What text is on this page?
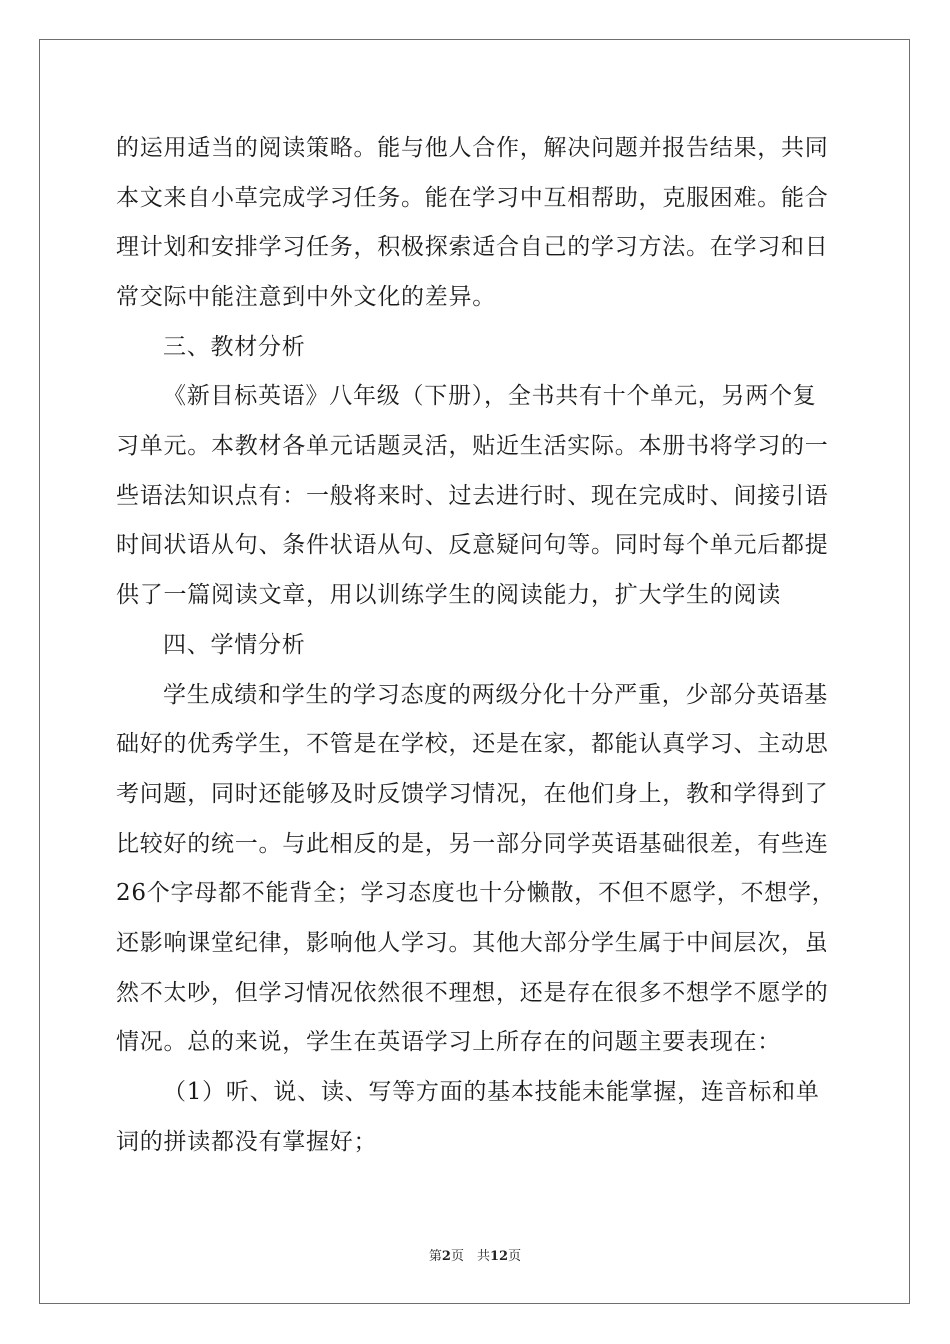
的运用适当的阅读策略。能与他人合作，解决问题并报告结果，共同
本文来自小草完成学习任务。能在学习中互相帮助，克服困难。能合
理计划和安排学习任务，积极探索适合自己的学习方法。在学习和日
常交际中能注意到中外文化的差异。
三、教材分析
《新目标英语》八年级（下册），全书共有十个单元，另两个复
习单元。本教材各单元话题灵活，贴近生活实际。本册书将学习的一
些语法知识点有：一般将来时、过去进行时、现在完成时、间接引语
时间状语从句、条件状语从句、反意疑问句等。同时每个单元后都提
供了一篇阅读文章，用以训练学生的阅读能力，扩大学生的阅读
四、学情分析
学生成绩和学生的学习态度的两级分化十分严重，少部分英语基
础好的优秀学生，不管是在学校，还是在家，都能认真学习、主动思
考问题，同时还能够及时反馈学习情况，在他们身上，教和学得到了
比较好的统一。与此相反的是，另一部分同学英语基础很差，有些连
26个字母都不能背全；学习态度也十分懒散，不但不愿学，不想学，
还影响课堂纪律，影响他人学习。其他大部分学生属于中间层次，虽
然不太吵，但学习情况依然很不理想，还是存在很多不想学不愿学的
情况。总的来说，学生在英语学习上所存在的问题主要表现在：
（1）听、说、读、写等方面的基本技能未能掌握，连音标和单
词的拼读都没有掌握好；
第2页　共12页
